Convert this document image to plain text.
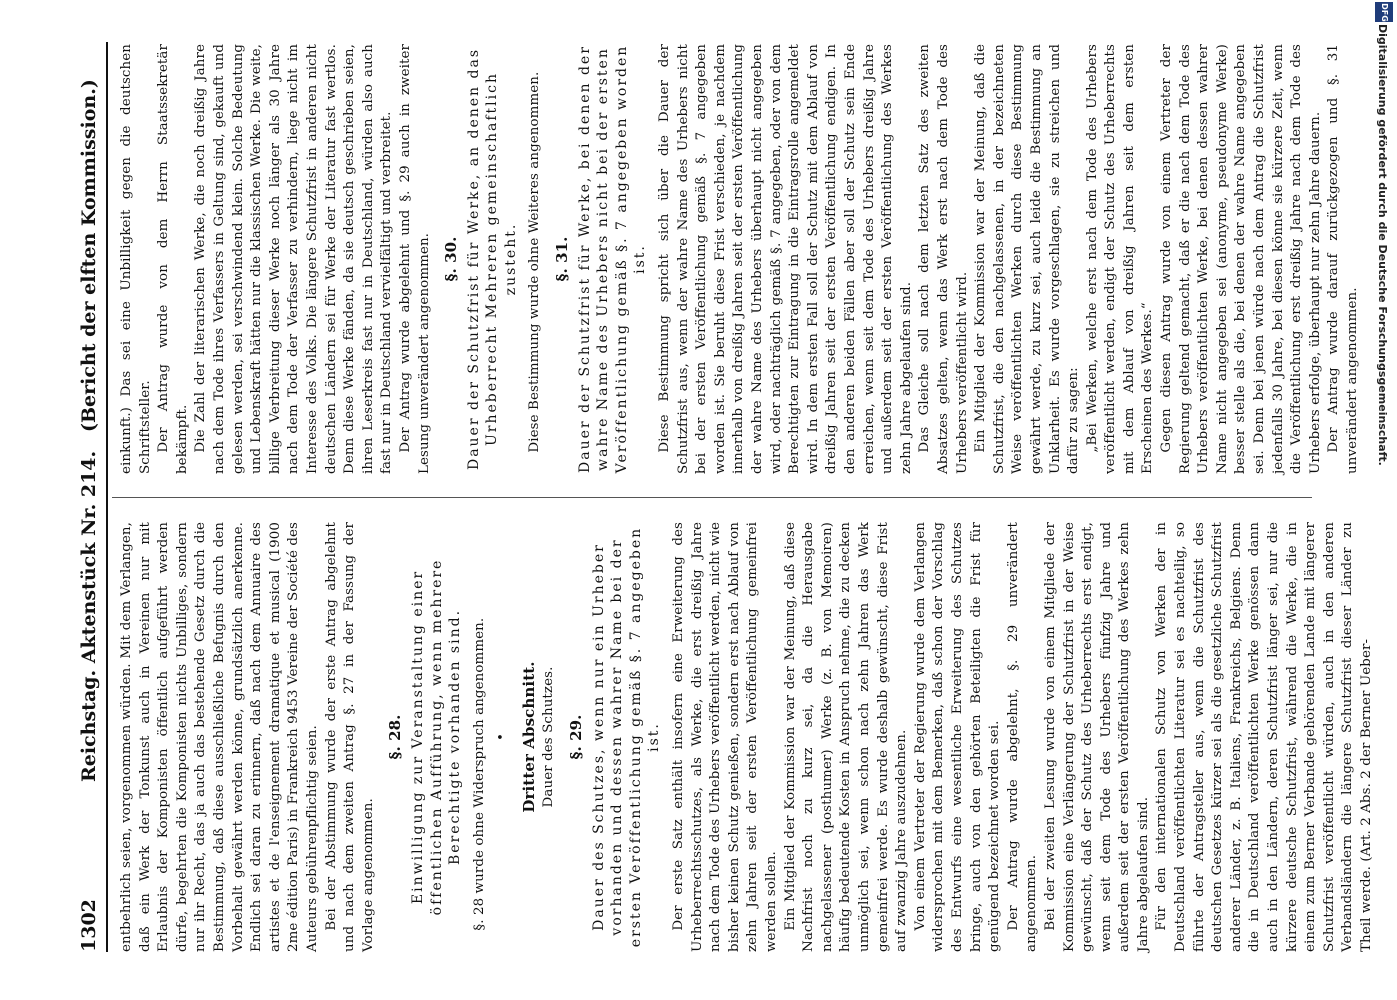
1302
Reichstag. Aktenstück Nr. 214.
(Bericht der elften Kommission.)

entbehrlich seien, vorgenommen würden. Mit dem Verlangen, daß ein Werk der Tonkunst auch in Vereinen nur mit Erlaubnis der Komponisten öffentlich aufgeführt werden dürfe, begehrten die Komponisten nichts Unbilliges, sondern nur ihr Recht, das ja auch das bestehende Gesetz durch die Bestimmung, daß diese ausschließliche Befugnis durch den Vorbehalt gewährt werden könne, grundsätzlich anerkenne. Endlich sei daran zu erinnern, daß nach dem Annuaire des artistes et de l'enseignement dramatique et musical (1900 2me édition Paris) in Frankreich 9453 Vereine der Société des Auteurs gebührenpflichtig seien. Bei der Abstimmung wurde der erste Antrag abgelehnt und nach dem zweiten Antrag §. 27 in der Fassung der Vorlage angenommen.

§. 28. Einwilligung zur Veranstaltung einer öffentlichen Aufführung, wenn mehrere Berechtigte vorhanden sind. §. 28 wurde ohne Widerspruch angenommen. • Dritter Abschnitt. Dauer des Schutzes. §. 29. Dauer des Schutzes, wenn nur ein Urheber vorhanden und dessen wahrer Name bei der ersten Veröffentlichung gemäß §. 7 angegeben ist. Der erste Satz enthält insofern eine Erweiterung des Urheberrechtsschutzes, als Werke, die erst dreißig Jahre nach dem Tode des Urhebers veröffentlicht werden, nicht wie bisher keinen Schutz genießen, sondern erst nach Ablauf von zehn Jahren seit der ersten Veröffentlichung gemeinfrei werden sollen. Ein Mitglied der Kommission war der Meinung, daß diese Nachfrist noch zu kurz sei, da die Herausgabe nachgelassener (posthumer) Werke (z. B. von Memoiren) häufig bedeutende Kosten in Anspruch nehme, die zu decken unmöglich sei, wenn schon nach zehn Jahren das Werk gemeinfrei werde. Es wurde deshalb gewünscht, diese Frist auf zwanzig Jahre auszudehnen. Von einem Vertreter der Regierung wurde dem Verlangen widersprochen mit dem Bemerken, daß schon der Vorschlag des Entwurfs eine wesentliche Erweiterung des Schutzes bringe, auch von den gehörten Beteiligten die Frist für genügend bezeichnet worden sei. Der Antrag wurde abgelehnt, §. 29 unverändert angenommen. Bei der zweiten Lesung wurde von einem Mitgliede der Kommission eine Verlängerung der Schutzfrist in der Weise gewünscht, daß der Schutz des Urheberrechts erst endigt, wenn seit dem Tode des Urhebers fünfzig Jahre und außerdem seit der ersten Veröffentlichung des Werkes zehn Jahre abgelaufen sind. Für den internationalen Schutz von Werken der in Deutschland veröffentlichten Literatur sei es nachteilig, so führte der Antragsteller aus, wenn die Schutzfrist des deutschen Gesetzes kürzer sei als die gesetzliche Schutzfrist anderer Länder, z. B. Italiens, Frankreichs, Belgiens. Denn die in Deutschland veröffentlichten Werke genössen dann auch in den Ländern, deren Schutzfrist länger sei, nur die kürzere deutsche Schutzfrist, während die Werke, die in einem zum Berner Verbande gehörenden Lande mit längerer Schutzfrist veröffentlicht würden, auch in den anderen Verbandsländern die längere Schutzfrist dieser Länder zu Theil werde. (Art. 2 Abs. 2 der Berner Ueber-

einkunft.) Das sei eine Unbilligkeit gegen die deutschen Schriftsteller. Der Antrag wurde von dem Herrn Staatssekretär bekämpft. Die Zahl der literarischen Werke, die noch dreißig Jahre nach dem Tode ihres Verfassers in Geltung sind, gekauft und gelesen werden, sei verschwindend klein. Solche Bedeutung und Lebenskraft hätten nur die klassischen Werke. Die weite, billige Verbreitung dieser Werke noch länger als 30 Jahre nach dem Tode der Verfasser zu verhindern, liege nicht im Interesse des Volks. Die längere Schutzfrist in anderen nicht deutschen Ländern sei für Werke der Literatur fast wertlos. Denn diese Werke fänden, da sie deutsch geschrieben seien, ihren Leserkreis fast nur in Deutschland, würden also auch fast nur in Deutschland vervielfältigt und verbreitet. Der Antrag wurde abgelehnt und §. 29 auch in zweiter Lesung unverändert angenommen. §. 30. Dauer der Schutzfrist für Werke, an denen das Urheberrecht Mehreren gemeinschaftlich zusteht. Diese Bestimmung wurde ohne Weiteres angenommen. §. 31. Dauer der Schutzfrist für Werke, bei denen der wahre Name des Urhebers nicht bei der ersten Veröffentlichung gemäß §. 7 angegeben worden ist. Diese Bestimmung spricht sich über die Dauer der Schutzfrist aus, wenn der wahre Name des Urhebers nicht bei der ersten Veröffentlichung gemäß §. 7 angegeben worden ist. Sie beruht diese Frist verschieden, je nachdem innerhalb von dreißig Jahren seit der ersten Veröffentlichung der wahre Name des Urhebers überhaupt nicht angegeben wird, oder nachträglich gemäß §. 7 angegeben, oder von dem Berechtigten zur Eintragung in die Eintragsrolle angemeldet wird. In dem ersten Fall soll der Schutz mit dem Ablauf von dreißig Jahren seit der ersten Veröffentlichung endigen. In den anderen beiden Fällen aber soll der Schutz sein Ende erreichen, wenn seit dem Tode des Urhebers dreißig Jahre und außerdem seit der ersten Veröffentlichung des Werkes zehn Jahre abgelaufen sind. Das Gleiche soll nach dem letzten Satz des zweiten Absatzes gelten, wenn das Werk erst nach dem Tode des Urhebers veröffentlicht wird. Ein Mitglied der Kommission war der Meinung, daß die Schutzfrist, die den nachgelassenen, in der bezeichneten Weise veröffentlichten Werken durch diese Bestimmung gewährt werde, zu kurz sei, auch leide die Bestimmung an Unklarheit. Es wurde vorgeschlagen, sie zu streichen und dafür zu sagen: „Bei Werken, welche erst nach dem Tode des Urhebers veröffentlicht werden, endigt der Schutz des Urheberrechts mit dem Ablauf von dreißig Jahren seit dem ersten Erscheinen des Werkes.“ Gegen diesen Antrag wurde von einem Vertreter der Regierung geltend gemacht, daß er die nach dem Tode des Urhebers veröffentlichten Werke, bei denen dessen wahrer Name nicht angegeben sei (anonyme, pseudonyme Werke) besser stelle als die, bei denen der wahre Name angegeben sei. Denn bei jenen würde nach dem Antrag die Schutzfrist jedenfalls 30 Jahre, bei diesen könne sie kürzere Zeit, wenn die Veröffentlichung erst dreißig Jahre nach dem Tode des Urhebers erfolge, überhaupt nur zehn Jahre dauern. Der Antrag wurde darauf zurückgezogen und §. 31 unverändert angenommen.

DFG
Digitalisierung gefördert durch die Deutsche Forschungsgemeinschaft.
